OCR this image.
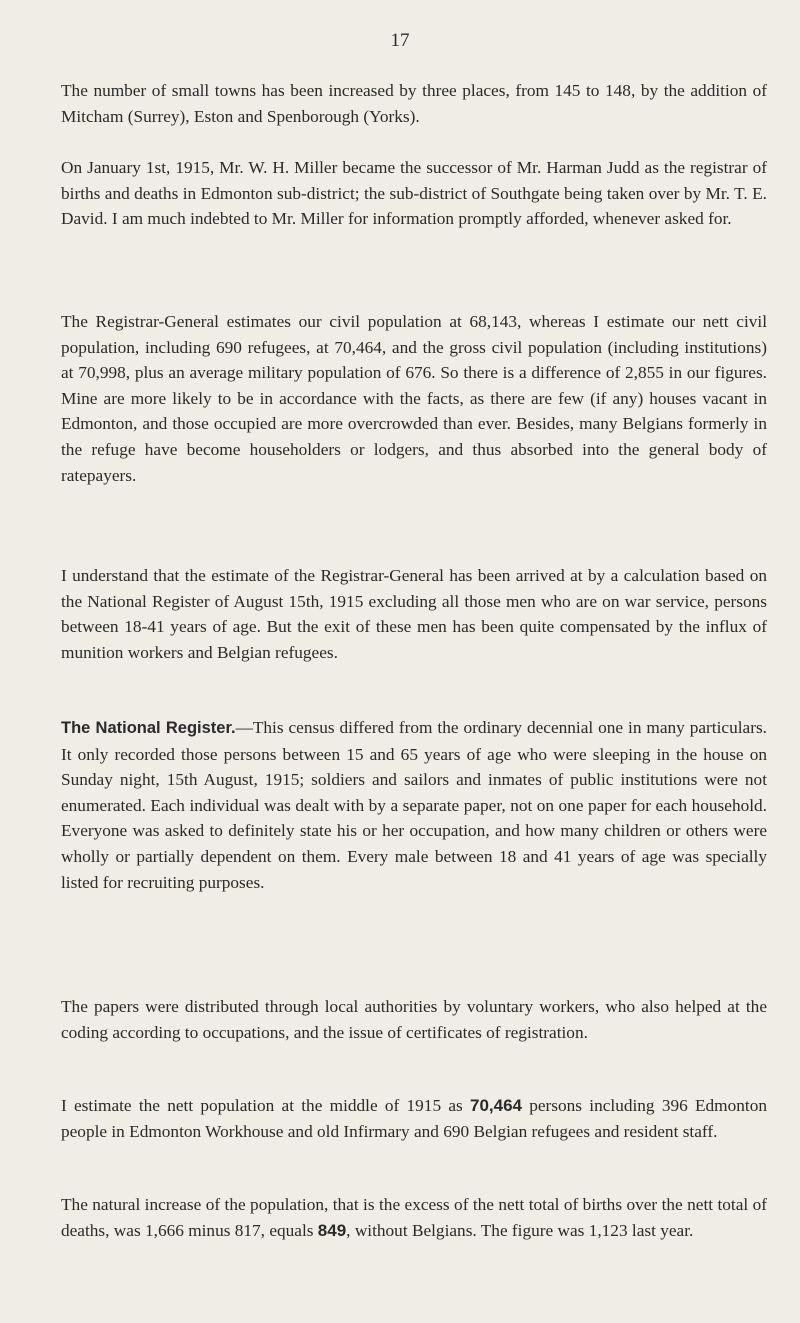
17

The number of small towns has been increased by three places, from 145 to 148, by the addition of Mitcham (Surrey), Eston and Spenborough (Yorks).

On January 1st, 1915, Mr. W. H. Miller became the successor of Mr. Harman Judd as the registrar of births and deaths in Edmonton sub-district; the sub-district of Southgate being taken over by Mr. T. E. David. I am much indebted to Mr. Miller for information promptly afforded, whenever asked for.

The Registrar-General estimates our civil population at 68,143, whereas I estimate our nett civil population, including 690 refugees, at 70,464, and the gross civil population (including institutions) at 70,998, plus an average military population of 676. So there is a difference of 2,855 in our figures. Mine are more likely to be in accordance with the facts, as there are few (if any) houses vacant in Edmonton, and those occupied are more overcrowded than ever. Besides, many Belgians formerly in the refuge have become householders or lodgers, and thus absorbed into the general body of ratepayers.

I understand that the estimate of the Registrar-General has been arrived at by a calculation based on the National Register of August 15th, 1915 excluding all those men who are on war service, persons between 18-41 years of age. But the exit of these men has been quite compensated by the influx of munition workers and Belgian refugees.

The National Register.—This census differed from the ordinary decennial one in many particulars. It only recorded those persons between 15 and 65 years of age who were sleeping in the house on Sunday night, 15th August, 1915; soldiers and sailors and inmates of public institutions were not enumerated. Each individual was dealt with by a separate paper, not on one paper for each household. Everyone was asked to definitely state his or her occupation, and how many children or others were wholly or partially dependent on them. Every male between 18 and 41 years of age was specially listed for recruiting purposes.

The papers were distributed through local authorities by voluntary workers, who also helped at the coding according to occupations, and the issue of certificates of registration.

I estimate the nett population at the middle of 1915 as 70,464 persons including 396 Edmonton people in Edmonton Workhouse and old Infirmary and 690 Belgian refugees and resident staff.

The natural increase of the population, that is the excess of the nett total of births over the nett total of deaths, was 1,666 minus 817, equals 849, without Belgians. The figure was 1,123 last year.
